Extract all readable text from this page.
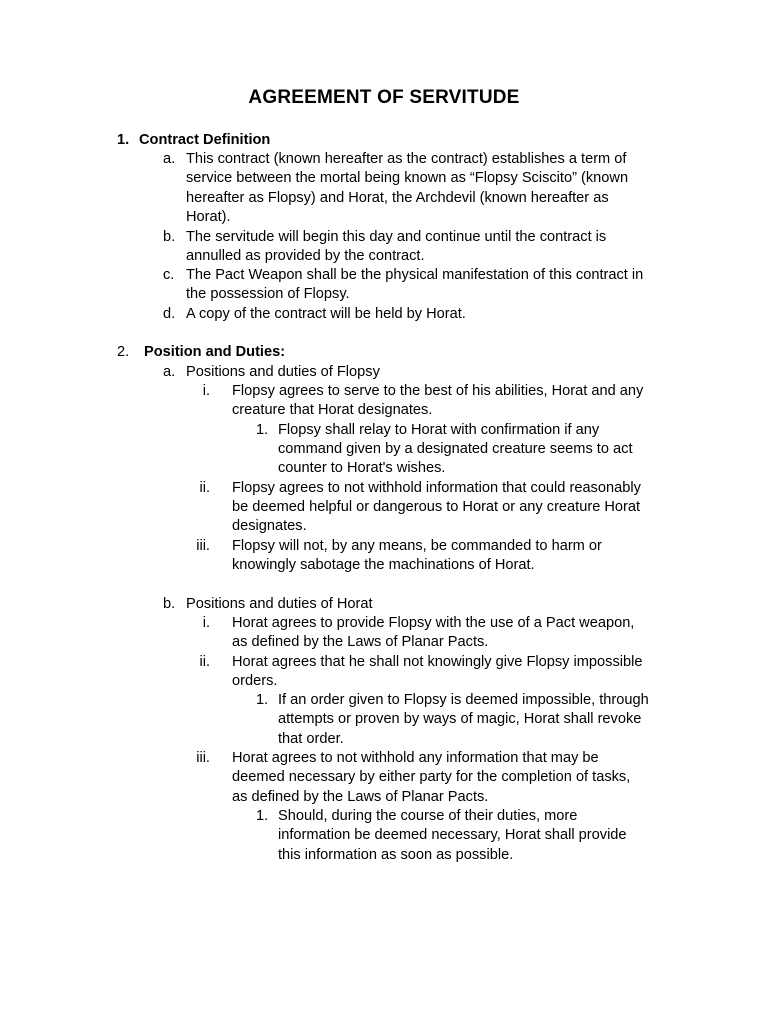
AGREEMENT OF SERVITUDE
1. Contract Definition
a. This contract (known hereafter as the contract) establishes a term of
service between the mortal being known as “Flopsy Sciscito” (known
hereafter as Flopsy) and Horat, the Archdevil (known hereafter as
Horat).
b. The servitude will begin this day and continue until the contract is
annulled as provided by the contract.
c. The Pact Weapon shall be the physical manifestation of this contract in
the possession of Flopsy.
d. A copy of the contract will be held by Horat.
2. Position and Duties:
a. Positions and duties of Flopsy
i. Flopsy agrees to serve to the best of his abilities, Horat and any
creature that Horat designates.
1. Flopsy shall relay to Horat with confirmation if any
command given by a designated creature seems to act
counter to Horat's wishes.
ii. Flopsy agrees to not withhold information that could reasonably
be deemed helpful or dangerous to Horat or any creature Horat
designates.
iii. Flopsy will not, by any means, be commanded to harm or
knowingly sabotage the machinations of Horat.
b. Positions and duties of Horat
i. Horat agrees to provide Flopsy with the use of a Pact weapon,
as defined by the Laws of Planar Pacts.
ii. Horat agrees that he shall not knowingly give Flopsy impossible
orders.
1. If an order given to Flopsy is deemed impossible, through
attempts or proven by ways of magic, Horat shall revoke
that order.
iii. Horat agrees to not withhold any information that may be
deemed necessary by either party for the completion of tasks,
as defined by the Laws of Planar Pacts.
1. Should, during the course of their duties, more
information be deemed necessary, Horat shall provide
this information as soon as possible.
